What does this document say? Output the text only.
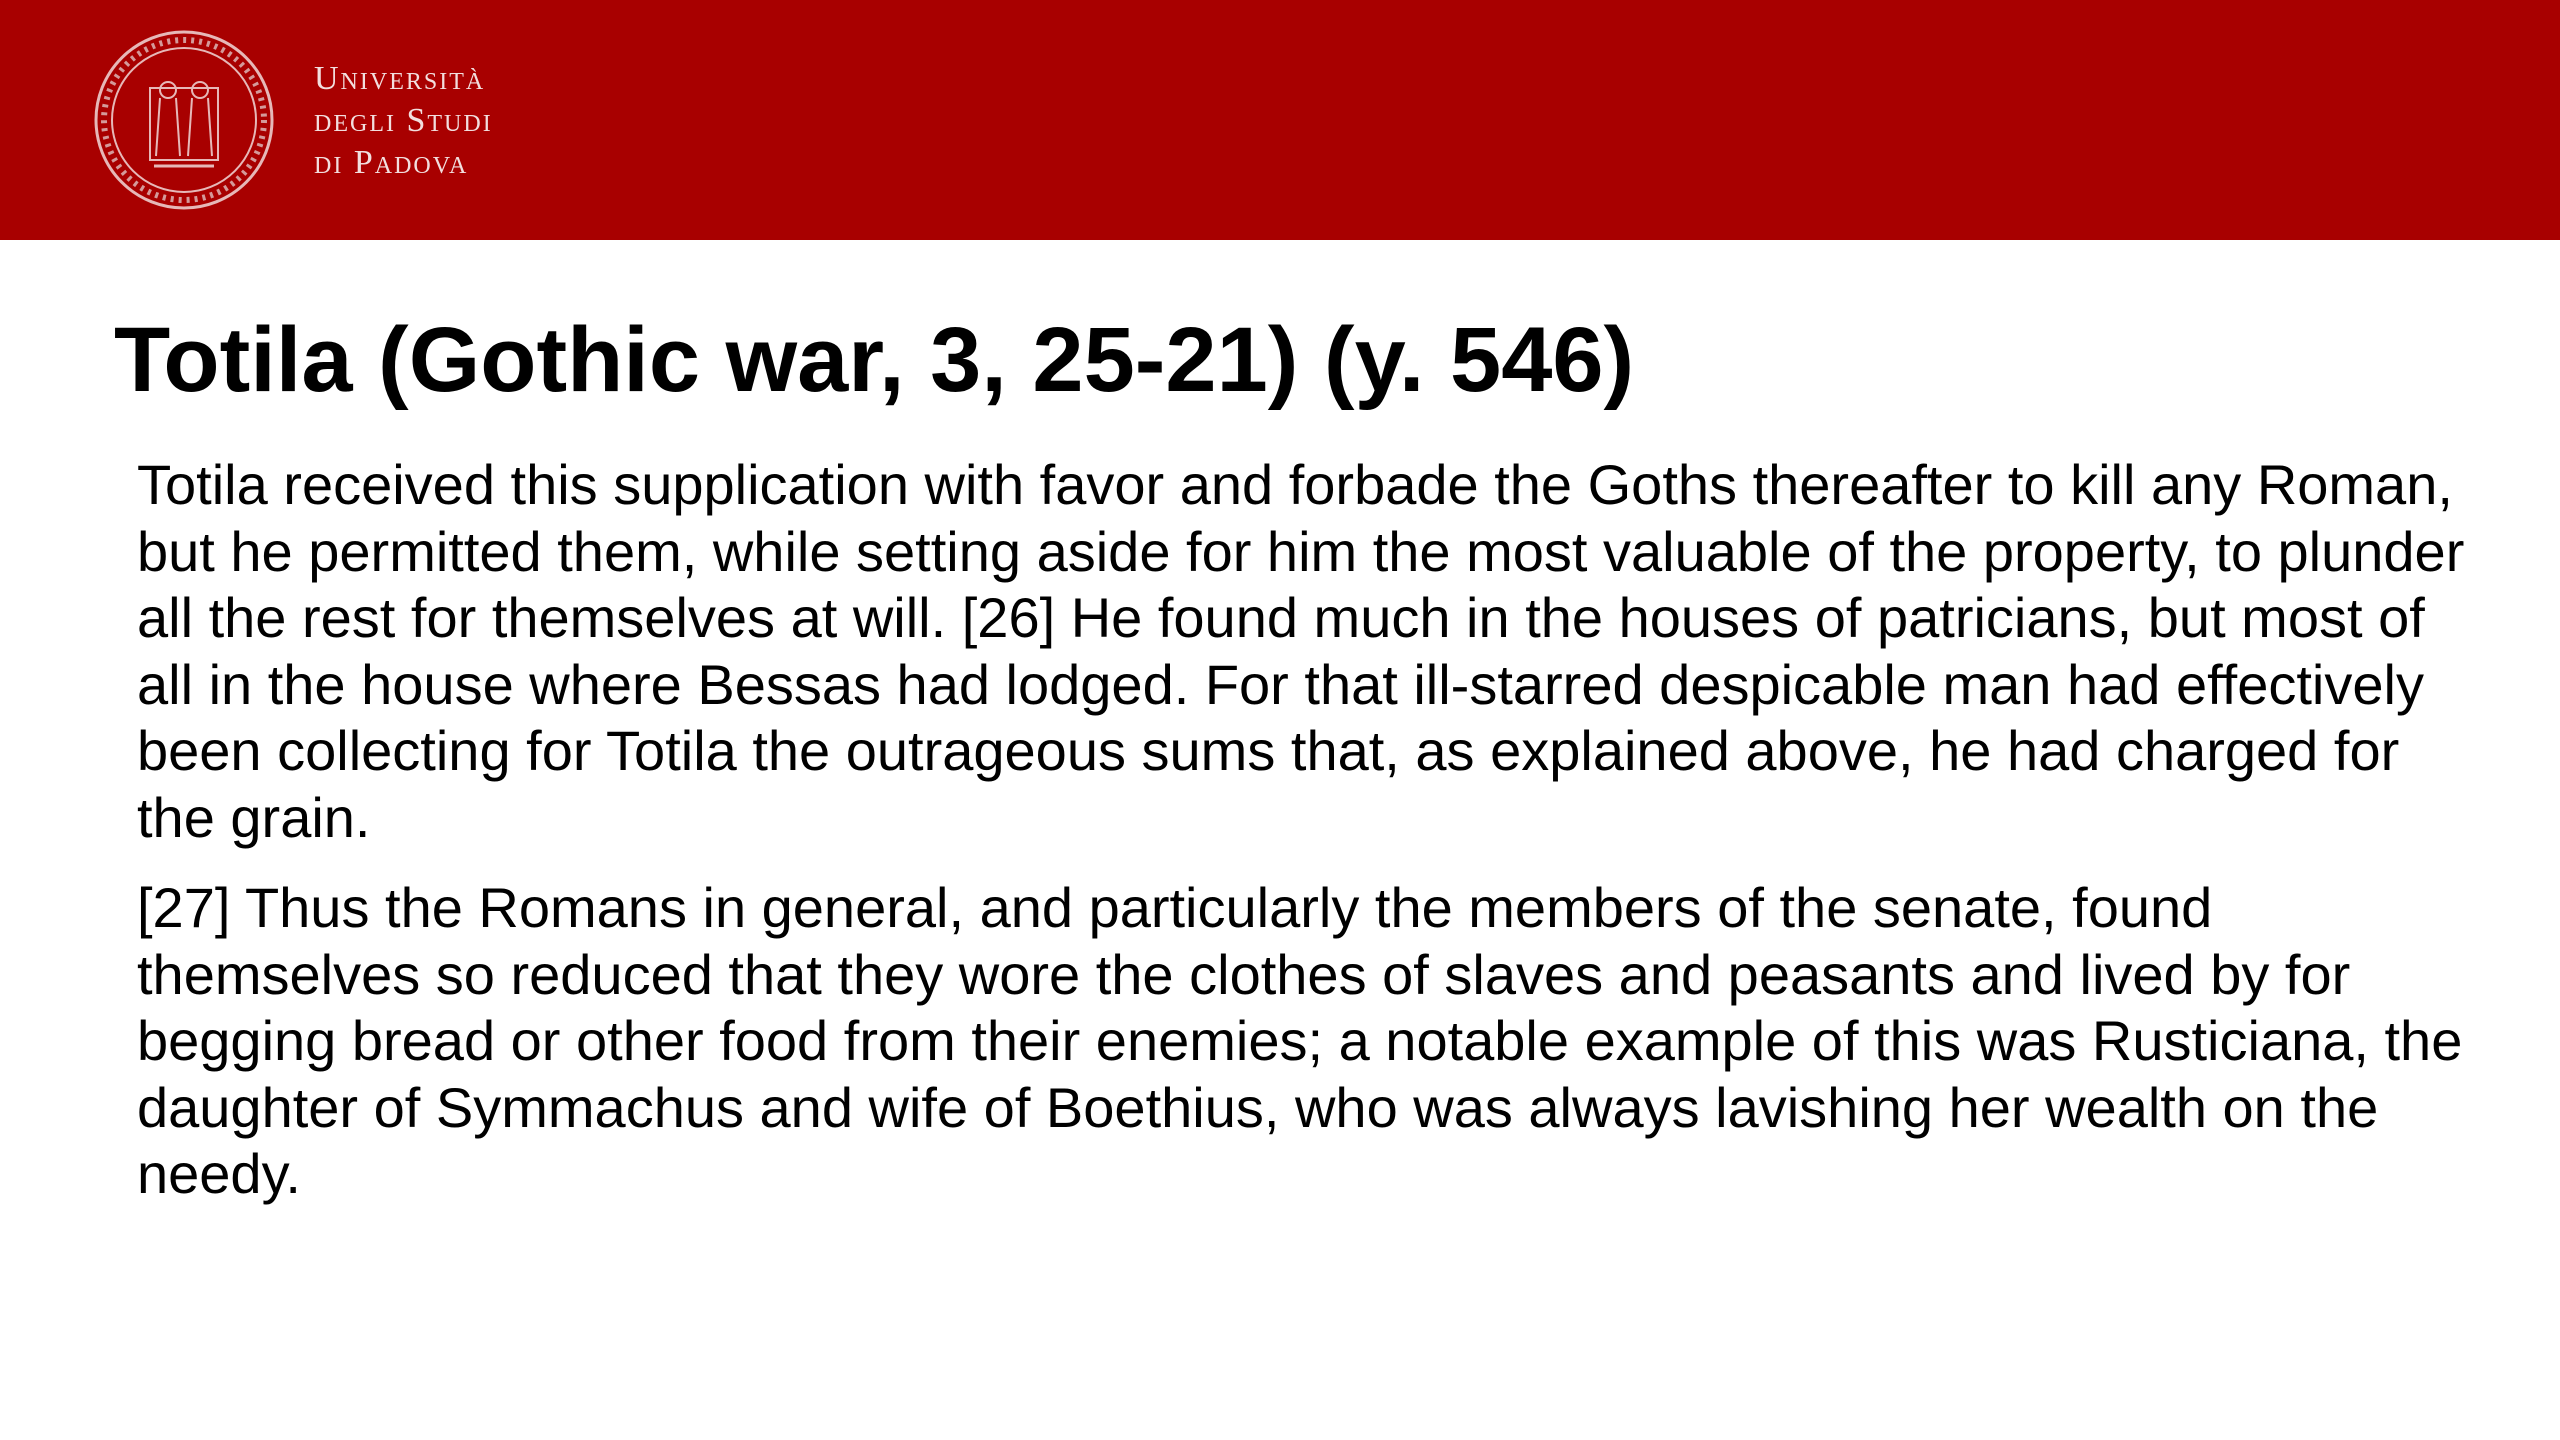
Università
degli Studi
di Padova
Totila (Gothic war, 3, 25-21) (y. 546)

Totila received this supplication with favor and forbade the Goths thereafter to kill any Roman, but he permitted them, while setting aside for him the most valuable of the property, to plunder all the rest for themselves at will. [26] He found much in the houses of patricians, but most of all in the house where Bessas had lodged. For that ill-starred despicable man had effectively been collecting for Totila the outrageous sums that, as explained above, he had charged for the grain.

[27] Thus the Romans in general, and particularly the members of the senate, found themselves so reduced that they wore the clothes of slaves and peasants and lived by for begging bread or other food from their enemies; a notable example of this was Rusticiana, the daughter of Symmachus and wife of Boethius, who was always lavishing her wealth on the needy.
